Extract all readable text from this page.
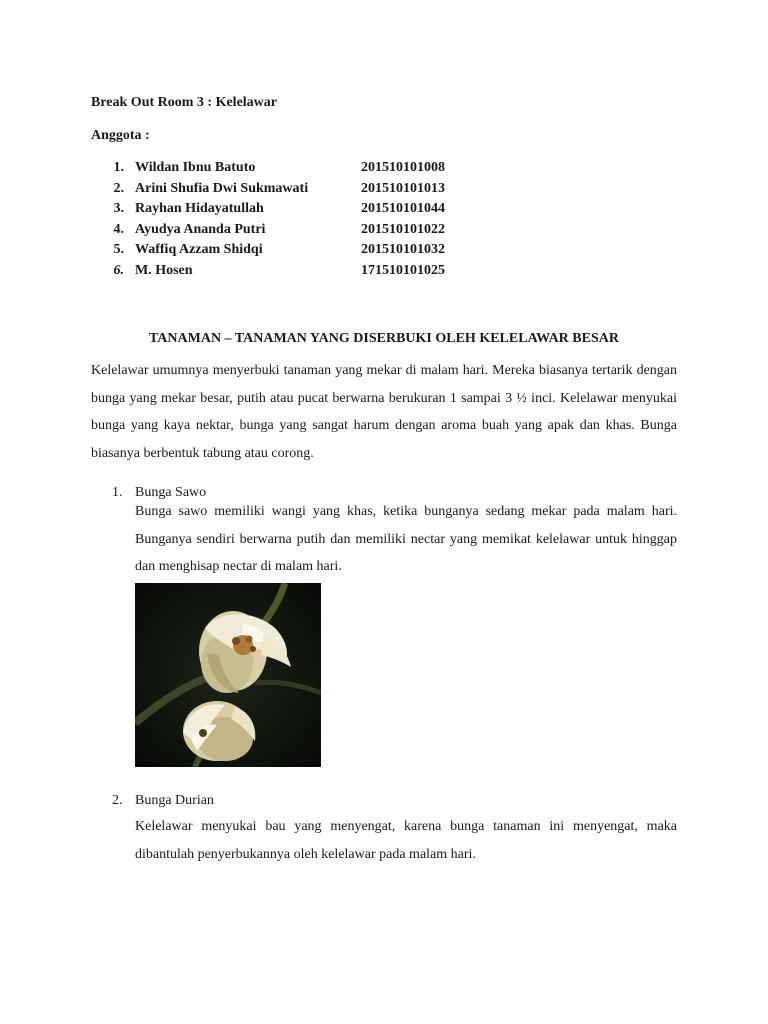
Break Out Room 3 : Kelelawar
Anggota :
1. Wildan Ibnu Batuto	201510101008
2. Arini Shufia Dwi Sukmawati	201510101013
3. Rayhan Hidayatullah	201510101044
4. Ayudya Ananda Putri	201510101022
5. Waffiq Azzam Shidqi	201510101032
6. M. Hosen	171510101025
TANAMAN – TANAMAN YANG DISERBUKI OLEH KELELAWAR BESAR
Kelelawar umumnya menyerbuki tanaman yang mekar di malam hari. Mereka biasanya tertarik dengan bunga yang mekar besar, putih atau pucat berwarna berukuran 1 sampai 3 ½ inci. Kelelawar menyukai bunga yang kaya nektar, bunga yang sangat harum dengan aroma buah yang apak dan khas. Bunga biasanya berbentuk tabung atau corong.
1. Bunga Sawo
Bunga sawo memiliki wangi yang khas, ketika bunganya sedang mekar pada malam hari. Bunganya sendiri berwarna putih dan memiliki nectar yang memikat kelelawar untuk hinggap dan menghisap nectar di malam hari.
2. Bunga Durian
Kelelawar menyukai bau yang menyengat, karena bunga tanaman ini menyengat, maka dibantulah penyerbukannya oleh kelelawar pada malam hari.
